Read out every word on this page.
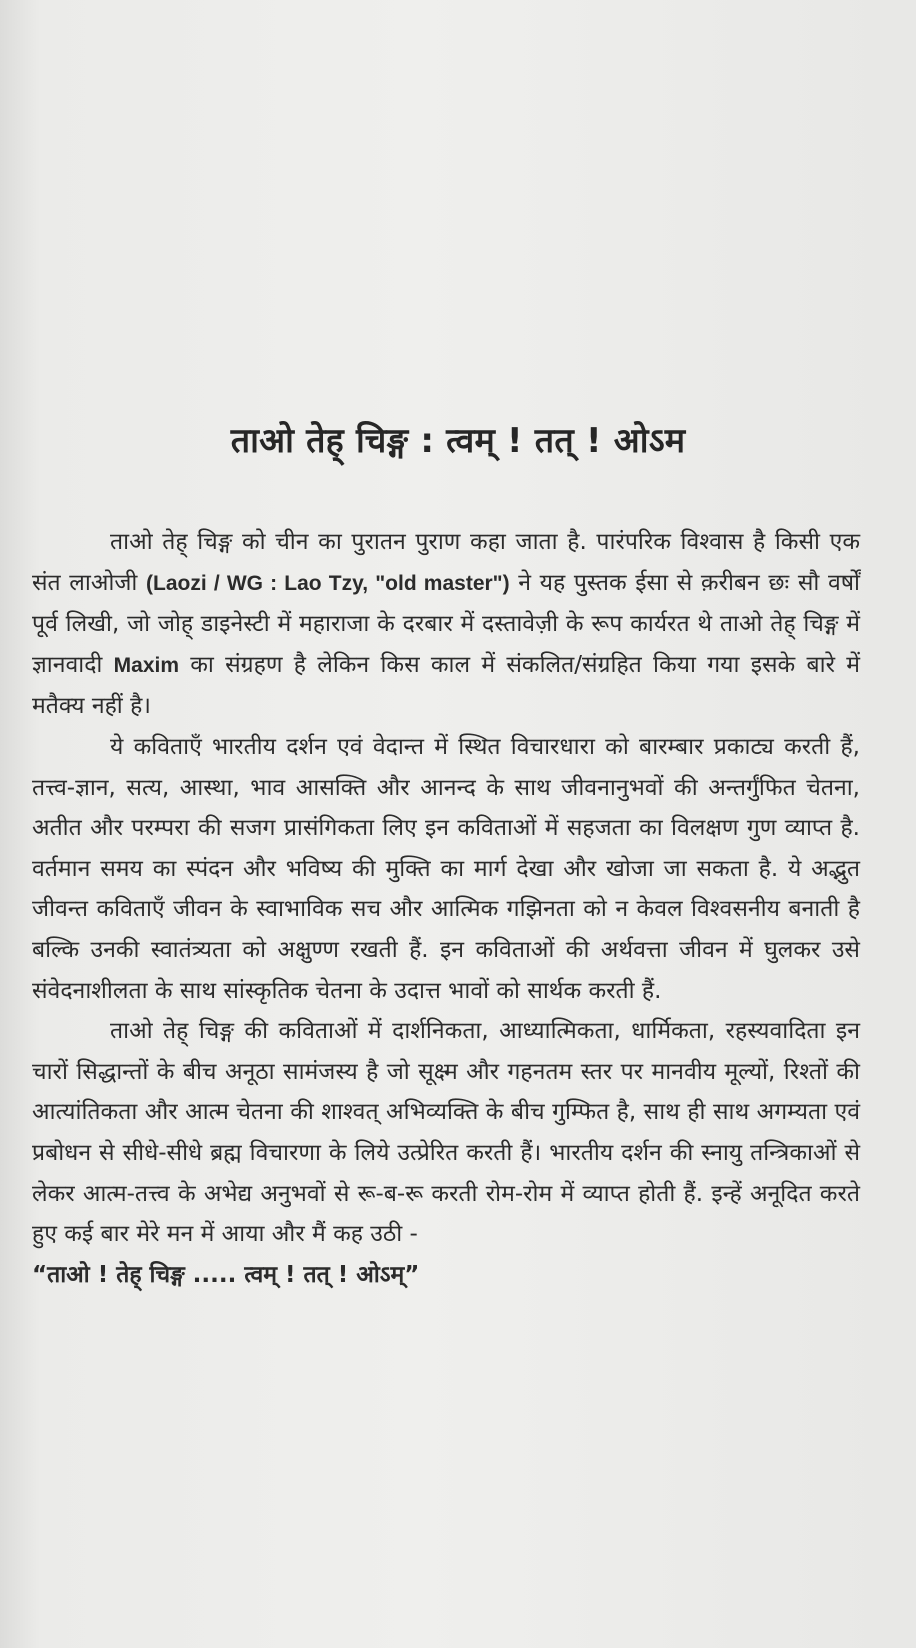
ताओ तेह् चिङ्ग : त्वम् ! तत् ! ओऽम

ताओ तेह् चिङ्ग को चीन का पुरातन पुराण कहा जाता है. पारंपरिक विश्वास है किसी एक संत लाओजी (Laozi / WG : Lao Tzy, "old master") ने यह पुस्तक ईसा से क़रीबन छः सौ वर्षों पूर्व लिखी, जो जोह् डाइनेस्टी में महाराजा के दरबार में दस्तावेज़ी के रूप कार्यरत थे ताओ तेह् चिङ्ग में ज्ञानवादी Maxim का संग्रहण है लेकिन किस काल में संकलित/संग्रहित किया गया इसके बारे में मतैक्य नहीं है।

ये कविताएँ भारतीय दर्शन एवं वेदान्त में स्थित विचारधारा को बारम्बार प्रकाट्य करती हैं, तत्त्व-ज्ञान, सत्य, आस्था, भाव आसक्ति और आनन्द के साथ जीवनानुभवों की अन्तर्गुंफित चेतना, अतीत और परम्परा की सजग प्रासंगिकता लिए इन कविताओं में सहजता का विलक्षण गुण व्याप्त है. वर्तमान समय का स्पंदन और भविष्य की मुक्ति का मार्ग देखा और खोजा जा सकता है. ये अद्भुत जीवन्त कविताएँ जीवन के स्वाभाविक सच और आत्मिक गझिनता को न केवल विश्वसनीय बनाती है बल्कि उनकी स्वातंत्र्यता को अक्षुण्ण रखती हैं. इन कविताओं की अर्थवत्ता जीवन में घुलकर उसे संवेदनाशीलता के साथ सांस्कृतिक चेतना के उदात्त भावों को सार्थक करती हैं.

ताओ तेह् चिङ्ग की कविताओं में दार्शनिकता, आध्यात्मिकता, धार्मिकता, रहस्यवादिता इन चारों सिद्धान्तों के बीच अनूठा सामंजस्य है जो सूक्ष्म और गहनतम स्तर पर मानवीय मूल्यों, रिश्तों की आत्यांतिकता और आत्म चेतना की शाश्वत् अभिव्यक्ति के बीच गुम्फित है, साथ ही साथ अगम्यता एवं प्रबोधन से सीधे-सीधे ब्रह्म विचारणा के लिये उत्प्रेरित करती हैं। भारतीय दर्शन की स्नायु तन्त्रिकाओं से लेकर आत्म-तत्त्व के अभेद्य अनुभवों से रू-ब-रू करती रोम-रोम में व्याप्त होती हैं. इन्हें अनूदित करते हुए कई बार मेरे मन में आया और मैं कह उठी -

“ताओ ! तेह् चिङ्ग ..... त्वम् ! तत् ! ओऽम्”
